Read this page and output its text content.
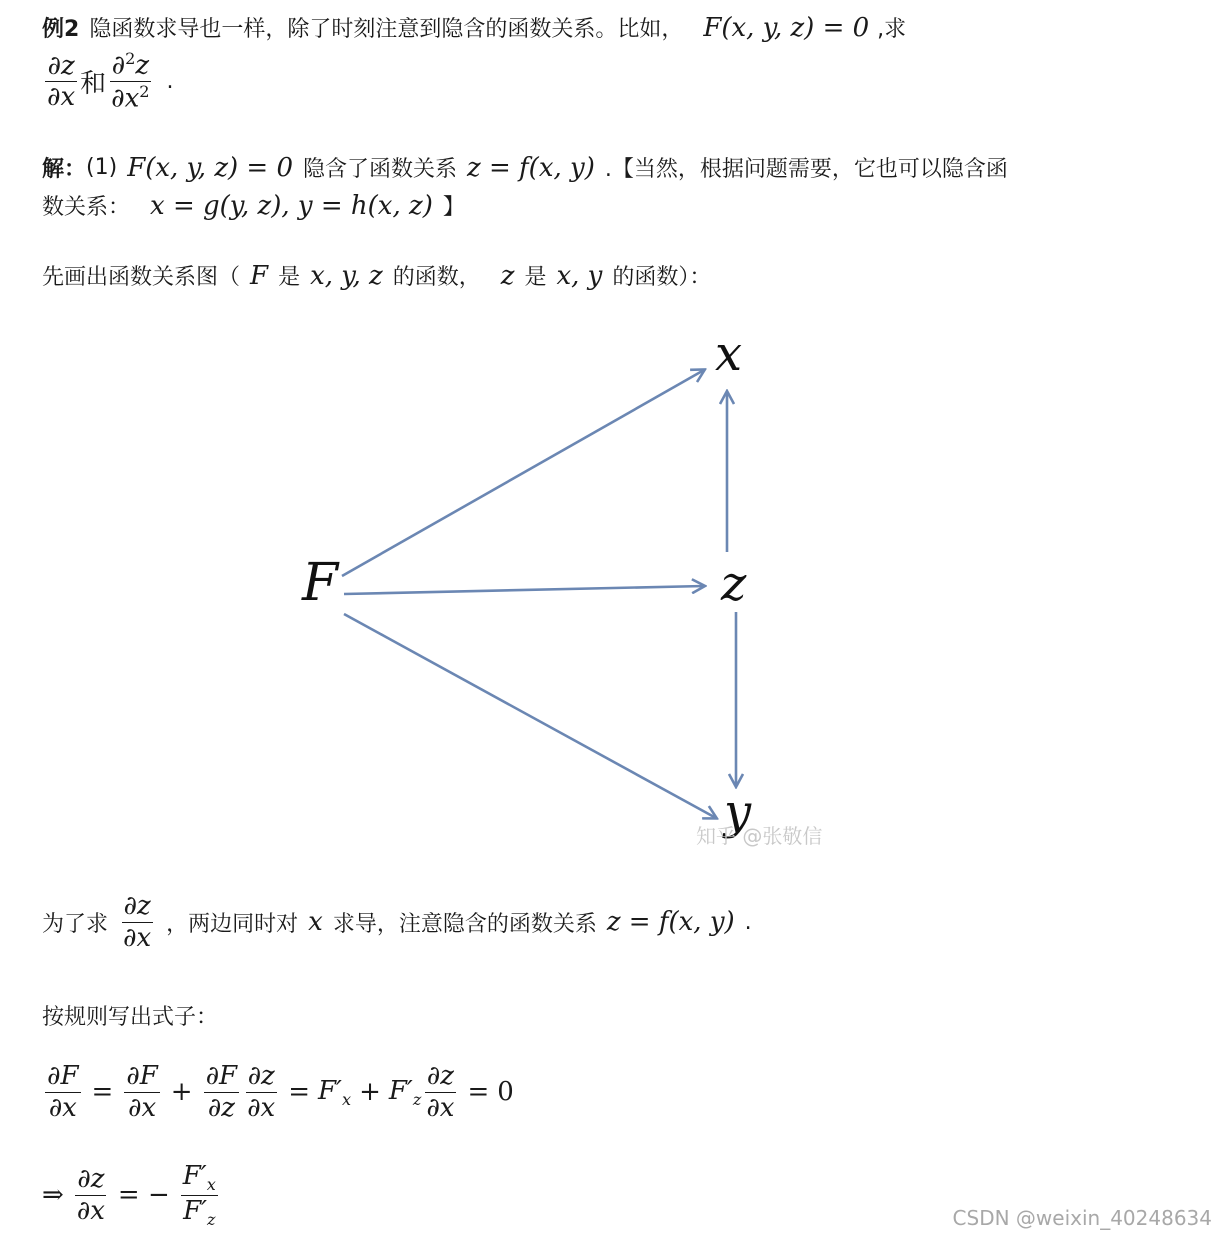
例2 隐函数求导也一样，除了时刻注意到隐含的函数关系。比如， F(x, y, z) = 0 ,求
$\frac{\partial z}{\partial x}$ 和 $\frac{\partial^2z}{\partial x^2}$ .
解： (1) F(x, y, z) = 0 隐含了函数关系 z = f(x, y) .【当然，根据问题需要，它也可以隐含函
数关系： x = g(y, z), y = h(x, z) 】
先画出函数关系图（ F 是 x, y, z 的函数， z 是 x, y 的函数）：
F
x
z
y
知乎 @张敬信
为了求 $\frac{\partial z}{\partial x}$ ，两边同时对 x 求导，注意隐含的函数关系 z = f(x, y) .
按规则写出式子：
$\frac{\partial F}{\partial x} = \frac{\partial F}{\partial x} + \frac{\partial F}{\partial z} \frac{\partial z}{\partial x} = F'_x + F'_z \frac{\partial z}{\partial x} = 0$
⇒ $\frac{\partial z}{\partial x}$ = − $\frac{F'_x}{F'_z}$	CSDN @weixin_40248634
